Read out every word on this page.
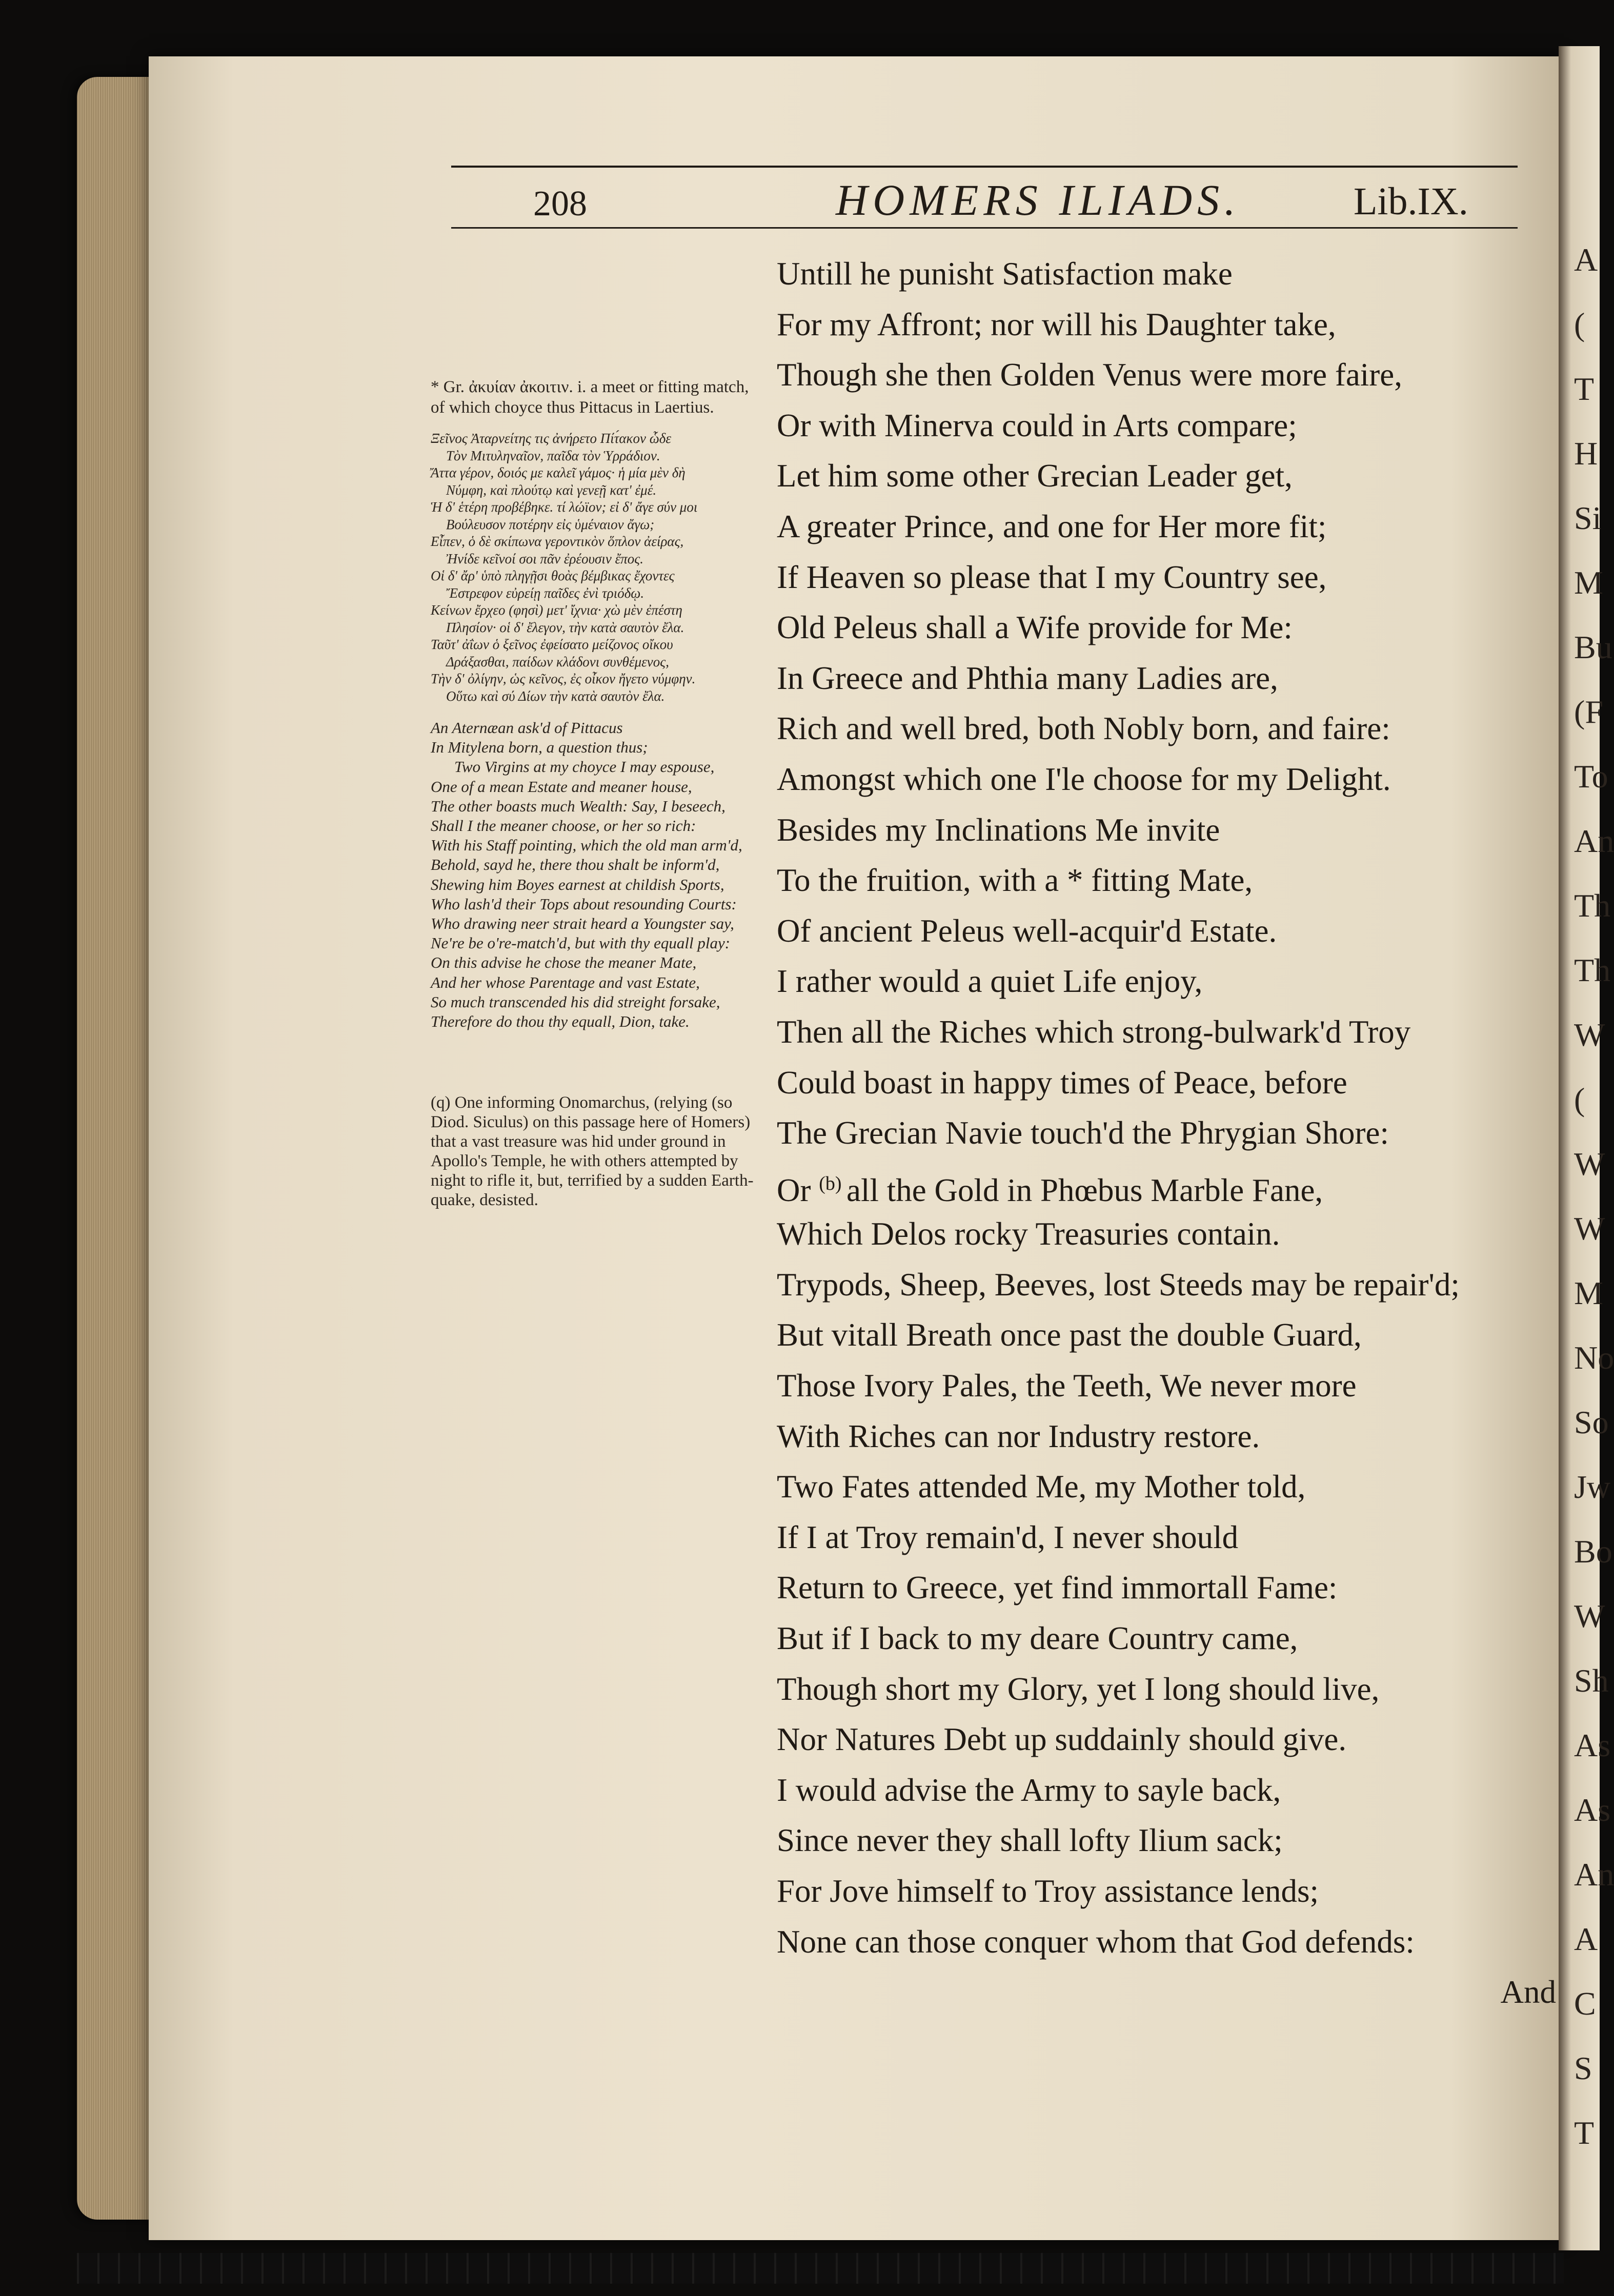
A
(
T
H
Si
M
Bu
(F
To
An
Th
Th
W
(
W
W
M
No
So
Jw
Bo
W
Sh
As
As
An
A
C
S
T
208	HOMERS ILIADS.	Lib.IX.
Untill he punisht Satisfaction make
For my Affront; nor will his Daughter take,
Though she then Golden Venus were more faire,
Or with Minerva could in Arts compare;
Let him some other Grecian Leader get,
A greater Prince, and one for Her more fit;
If Heaven so please that I my Country see,
Old Peleus shall a Wife provide for Me:
In Greece and Phthia many Ladies are,
Rich and well bred, both Nobly born, and faire:
Amongst which one I'le choose for my Delight.
Besides my Inclinations Me invite
To the fruition, with a * fitting Mate,
Of ancient Peleus well-acquir'd Estate.
I rather would a quiet Life enjoy,
Then all the Riches which strong-bulwark'd Troy
Could boast in happy times of Peace, before
The Grecian Navie touch'd the Phrygian Shore:
Or $^{(b)}$ all the Gold in Phœbus Marble Fane,
Which Delos rocky Treasuries contain.
Trypods, Sheep, Beeves, lost Steeds may be repair'd;
But vitall Breath once past the double Guard,
Those Ivory Pales, the Teeth, We never more
With Riches can nor Industry restore.
Two Fates attended Me, my Mother told,
If I at Troy remain'd, I never should
Return to Greece, yet find immortall Fame:
But if I back to my deare Country came,
Though short my Glory, yet I long should live,
Nor Natures Debt up suddainly should give.
I would advise the Army to sayle back,
Since never they shall lofty Ilium sack;
For Jove himself to Troy assistance lends;
None can those conquer whom that God defends:
And
* Gr. ἀκυίαν ἀκοιτιν. i. a meet or fitting match, of which choyce thus Pittacus in Laertius.
Ξεῖνος Ἀταρνείτης τις ἀνήρετο Πίτ́ακον ὧδε
Τὸν Μιτυληναῖον, παῖδα τὸν Ὑρράδιον.
Ἄττα γέρον, δοιός με καλεῖ γάμος· ἡ μία μὲν δὴ
Νύμφη, καὶ πλούτῳ καὶ γενεῇ κατ' ἐμέ.
Ἡ δ' ἑτέρη προβέβηκε. τί λώϊον; εἰ δ' ἄγε σύν μοι
Βούλευσον ποτέρην εἰς ὑμέναιον ἄγω;
Εἶπεν, ὁ δὲ σκίπωνα γεροντικὸν ὅπλον ἀείρας,
Ἠνίδε κεῖνοί σοι πᾶν ἐρέουσιν ἔπος.
Οἱ δ' ἄρ' ὑπὸ πληγῇσι θοὰς βέμβικας ἔχοντες
Ἔστρεφον εὐρείῃ παῖδες ἐνὶ τριόδῳ.
Κείνων ἔρχεο (φησὶ) μετ' ἴχνια· χὼ μὲν ἐπέστη
Πλησίον· οἱ δ' ἔλεγον, τὴν κατὰ σαυτὸν ἔλα.
Ταῦτ' ἀΐων ὁ ξεῖνος ἐφείσατο μείζονος οἴκου
Δράξασθαι, παίδων κλάδονι συνθέμενος,
Τὴν δ' ὀλίγην, ὡς κεῖνος, ἐς οἶκον ἤγετο νύμφην.
Οὕτω καὶ σύ Δίων τὴν κατὰ σαυτὸν ἔλα.
An Aternæan ask'd of Pittacus
In Mitylena born, a question thus;
Two Virgins at my choyce I may espouse,
One of a mean Estate and meaner house,
The other boasts much Wealth: Say, I beseech,
Shall I the meaner choose, or her so rich:
With his Staff pointing, which the old man arm'd,
Behold, sayd he, there thou shalt be inform'd,
Shewing him Boyes earnest at childish Sports,
Who lash'd their Tops about resounding Courts:
Who drawing neer strait heard a Youngster say,
Ne're be o're-match'd, but with thy equall play:
On this advise he chose the meaner Mate,
And her whose Parentage and vast Estate,
So much transcended his did streight forsake,
Therefore do thou thy equall, Dion, take.
(q) One informing Onomarchus, (relying (so Diod. Siculus) on this passage here of Homers) that a vast treasure was hid under ground in Apollo's Temple, he with others attempted by night to rifle it, but, terrified by a sudden Earth-quake, desisted.
